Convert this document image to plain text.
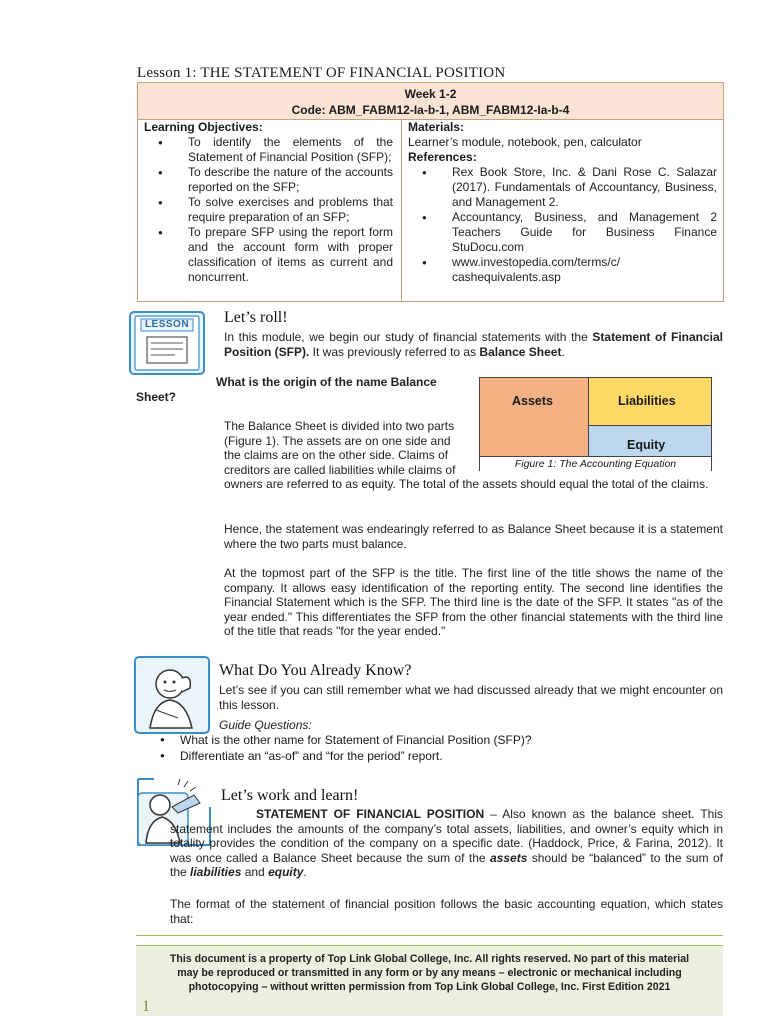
Lesson 1: THE STATEMENT OF FINANCIAL POSITION
Week 1-2
Code: ABM_FABM12-Ia-b-1, ABM_FABM12-Ia-b-4
Learning Objectives:
● To identify the elements of the Statement of Financial Position (SFP);
● To describe the nature of the accounts reported on the SFP;
● To solve exercises and problems that require preparation of an SFP;
● To prepare SFP using the report form and the account form with proper classification of items as current and noncurrent.
Materials:
Learner’s module, notebook, pen, calculator
References:
● Rex Book Store, Inc. & Dani Rose C. Salazar (2017). Fundamentals of Accountancy, Business, and Management 2.
● Accountancy, Business, and Management 2 Teachers Guide for Business Finance StuDocu.com
● www.investopedia.com/terms/c/ cashequivalents.asp
LESSON Let’s roll!
In this module, we begin our study of financial statements with the Statement of Financial Position (SFP). It was previously referred to as Balance Sheet.
What is the origin of the name Balance
Sheet?
The Balance Sheet is divided into two parts
(Figure 1). The assets are on one side and
the claims are on the other side. Claims of
creditors are called liabilities while claims of
owners are referred to as equity. The total of the assets should equal the total of the claims.
Assets	Liabilities
Equity
Figure 1: The Accounting Equation
Hence, the statement was endearingly referred to as Balance Sheet because it is a statement where the two parts must balance.
At the topmost part of the SFP is the title. The first line of the title shows the name of the company. It allows easy identification of the reporting entity. The second line identifies the Financial Statement which is the SFP. The third line is the date of the SFP. It states "as of the year ended." This differentiates the SFP from the other financial statements with the third line of the title that reads "for the year ended."
What Do You Already Know?
Let’s see if you can still remember what we had discussed already that we might encounter on this lesson.
Guide Questions:
● What is the other name for Statement of Financial Position (SFP)?
● Differentiate an “as-of” and “for the period” report.
Let’s work and learn!
STATEMENT OF FINANCIAL POSITION – Also known as the balance sheet. This statement includes the amounts of the company’s total assets, liabilities, and owner’s equity which in totality provides the condition of the company on a specific date. (Haddock, Price, & Farina, 2012). It was once called a Balance Sheet because the sum of the assets should be “balanced” to the sum of the liabilities and equity.
The format of the statement of financial position follows the basic accounting equation, which states that:
This document is a property of Top Link Global College, Inc. All rights reserved. No part of this material
may be reproduced or transmitted in any form or by any means – electronic or mechanical including
photocopying – without written permission from Top Link Global College, Inc. First Edition 2021
1
